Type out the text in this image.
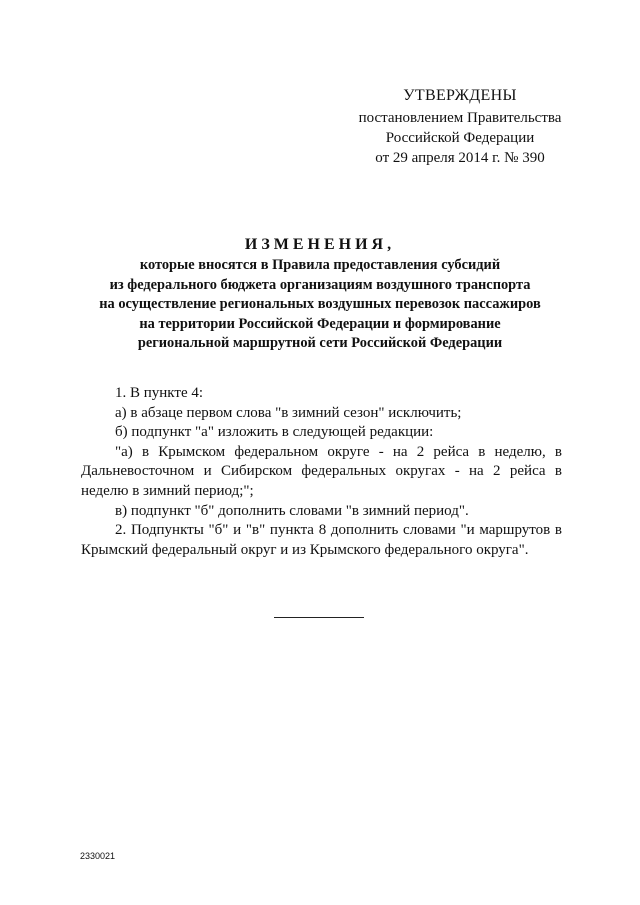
УТВЕРЖДЕНЫ
постановлением Правительства
Российской Федерации
от 29 апреля 2014 г. № 390
ИЗМЕНЕНИЯ,
которые вносятся в Правила предоставления субсидий
из федерального бюджета организациям воздушного транспорта
на осуществление региональных воздушных перевозок пассажиров
на территории Российской Федерации и формирование
региональной маршрутной сети Российской Федерации

1. В пункте 4:

а) в абзаце первом слова "в зимний сезон" исключить;

б) подпункт "а" изложить в следующей редакции:

"а) в Крымском федеральном округе - на 2 рейса в неделю, в Дальневосточном и Сибирском федеральных округах - на 2 рейса в неделю в зимний период;";

в) подпункт "б" дополнить словами "в зимний период".

2. Подпункты "б" и "в" пункта 8 дополнить словами "и маршрутов в Крымский федеральный округ и из Крымского федерального округа".

2330021
